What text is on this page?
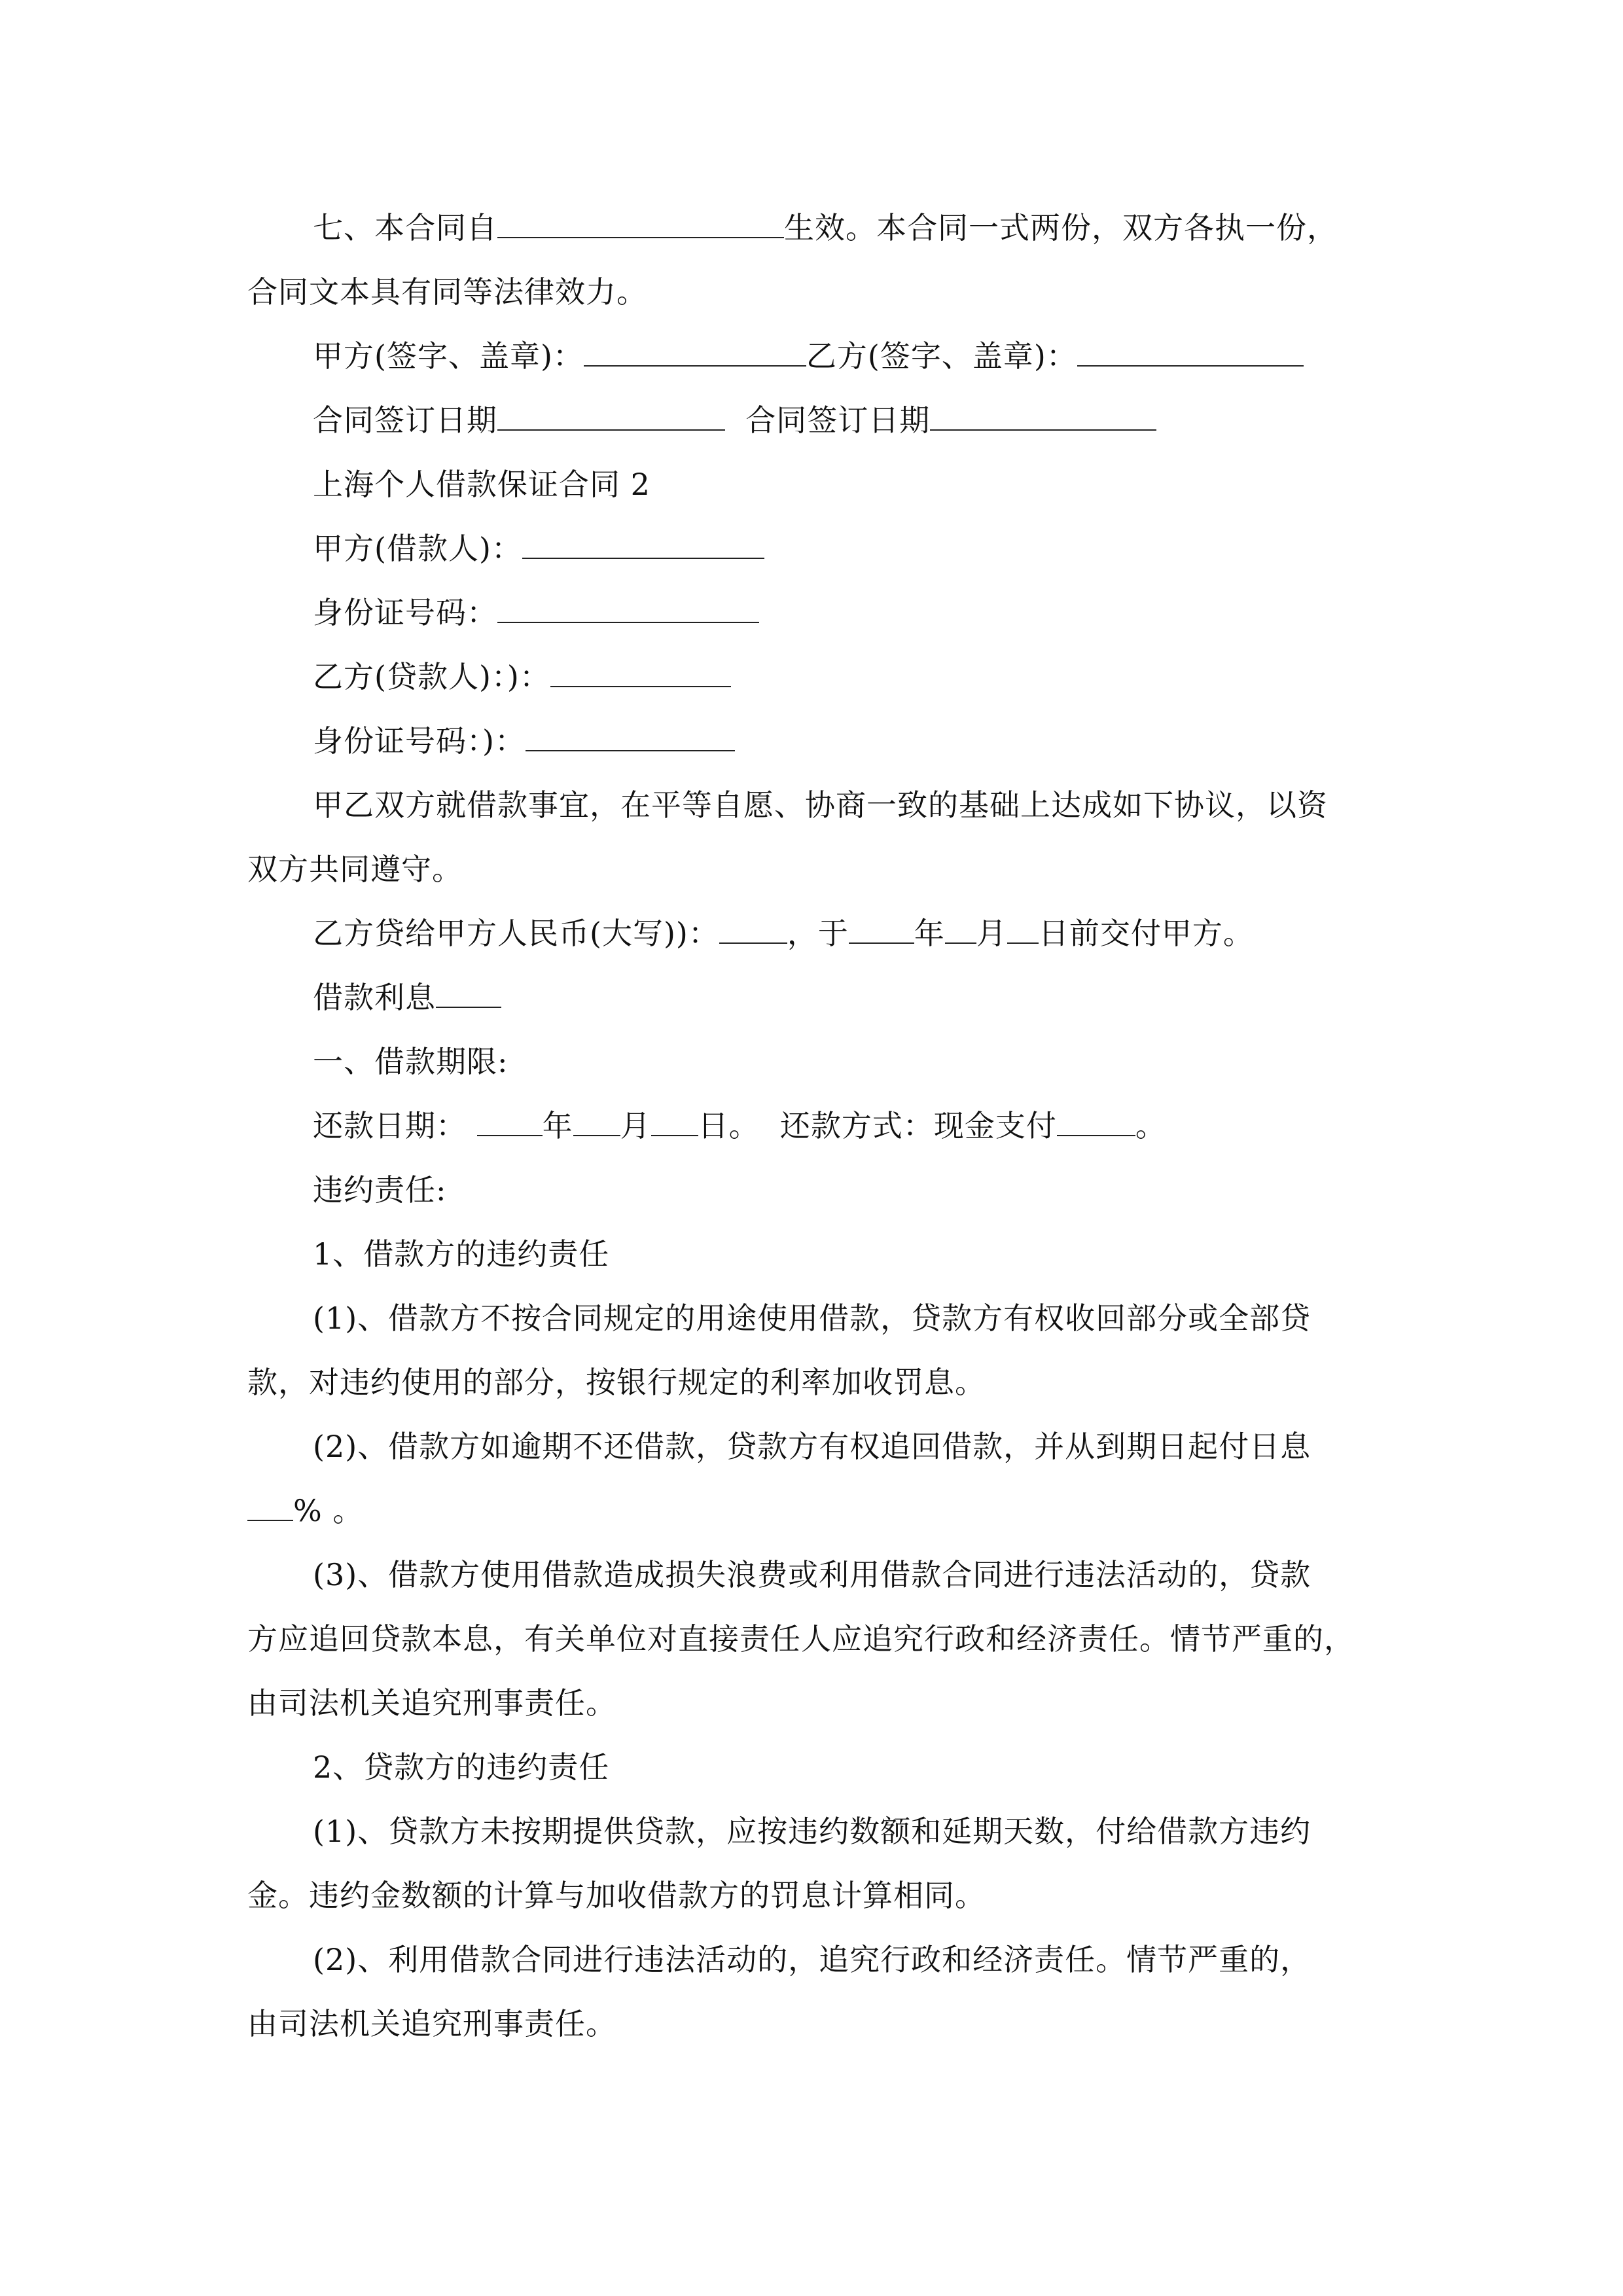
七、本合同自	生效。本合同一式两份，双方各执一份，
合同文本具有同等法律效力。
甲方(签字、盖章)：	乙方(签字、盖章)：
合同签订日期	合同签订日期
上海个人借款保证合同 2
甲方(借款人)：
身份证号码：
乙方(贷款人)：)：
身份证号码：)：
甲乙双方就借款事宜，在平等自愿、协商一致的基础上达成如下协议，以资
双方共同遵守。
乙方贷给甲方人民币(大写))： ，于 年 月 日前交付甲方。
借款利息
一、借款期限:
还款日期：	年 月 日。 还款方式：现金支付	。
违约责任:
1、借款方的违约责任
(1)、借款方不按合同规定的用途使用借款，贷款方有权收回部分或全部贷
款，对违约使用的部分，按银行规定的利率加收罚息。
(2)、借款方如逾期不还借款，贷款方有权追回借款，并从到期日起付日息
% 。
(3)、借款方使用借款造成损失浪费或利用借款合同进行违法活动的，贷款
方应追回贷款本息，有关单位对直接责任人应追究行政和经济责任。情节严重的，
由司法机关追究刑事责任。
2、贷款方的违约责任
(1)、贷款方未按期提供贷款，应按违约数额和延期天数，付给借款方违约
金。违约金数额的计算与加收借款方的罚息计算相同。
(2)、利用借款合同进行违法活动的，追究行政和经济责任。情节严重的，
由司法机关追究刑事责任。
